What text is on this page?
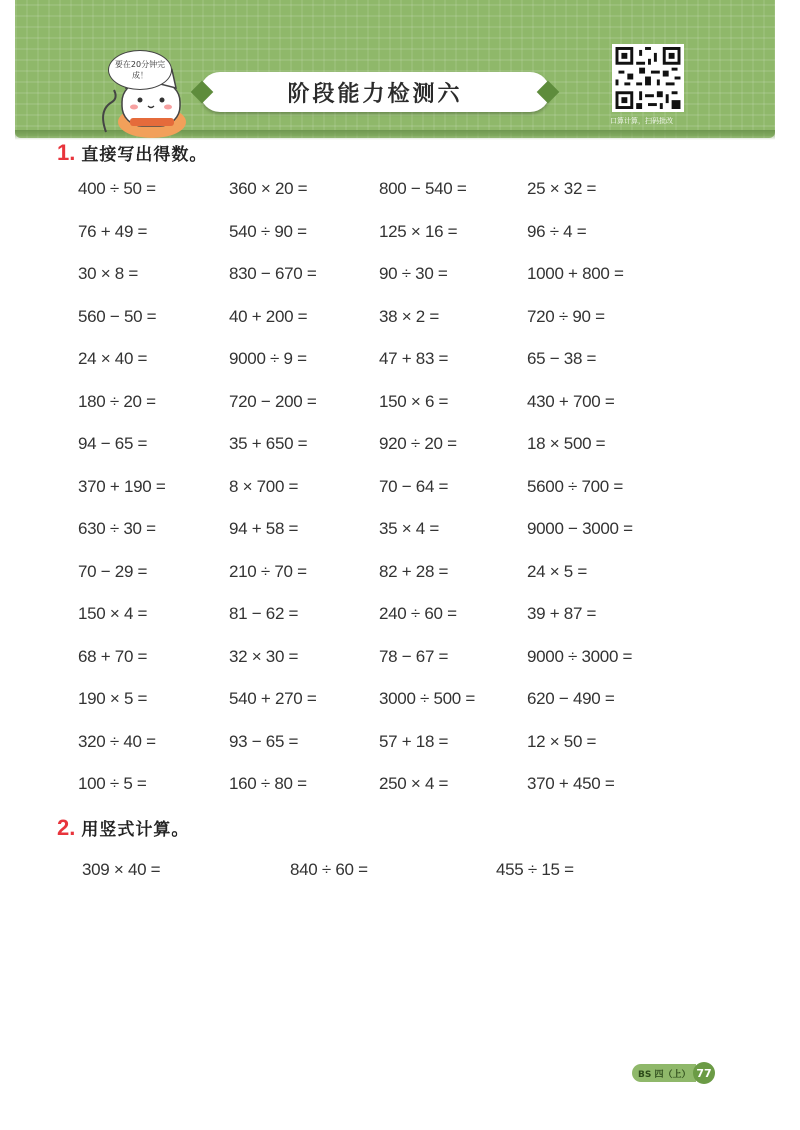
要在20分钟完成！
阶段能力检测六
口算计算，扫码批改
1. 直接写出得数。
400 ÷ 50 =	360 × 20 =	800 − 540 =	25 × 32 =
76 + 49 =	540 ÷ 90 =	125 × 16 =	96 ÷ 4 =
30 × 8 =	830 − 670 =	90 ÷ 30 =	1000 + 800 =
560 − 50 =	40 + 200 =	38 × 2 =	720 ÷ 90 =
24 × 40 =	9000 ÷ 9 =	47 + 83 =	65 − 38 =
180 ÷ 20 =	720 − 200 =	150 × 6 =	430 + 700 =
94 − 65 =	35 + 650 =	920 ÷ 20 =	18 × 500 =
370 + 190 =	8 × 700 =	70 − 64 =	5600 ÷ 700 =
630 ÷ 30 =	94 + 58 =	35 × 4 =	9000 − 3000 =
70 − 29 =	210 ÷ 70 =	82 + 28 =	24 × 5 =
150 × 4 =	81 − 62 =	240 ÷ 60 =	39 + 87 =
68 + 70 =	32 × 30 =	78 − 67 =	9000 ÷ 3000 =
190 × 5 =	540 + 270 =	3000 ÷ 500 =	620 − 490 =
320 ÷ 40 =	93 − 65 =	57 + 18 =	12 × 50 =
100 ÷ 5 =	160 ÷ 80 =	250 × 4 =	370 + 450 =
2. 用竖式计算。
309 × 40 =	840 ÷ 60 =	455 ÷ 15 =
BS 四（上） 77
